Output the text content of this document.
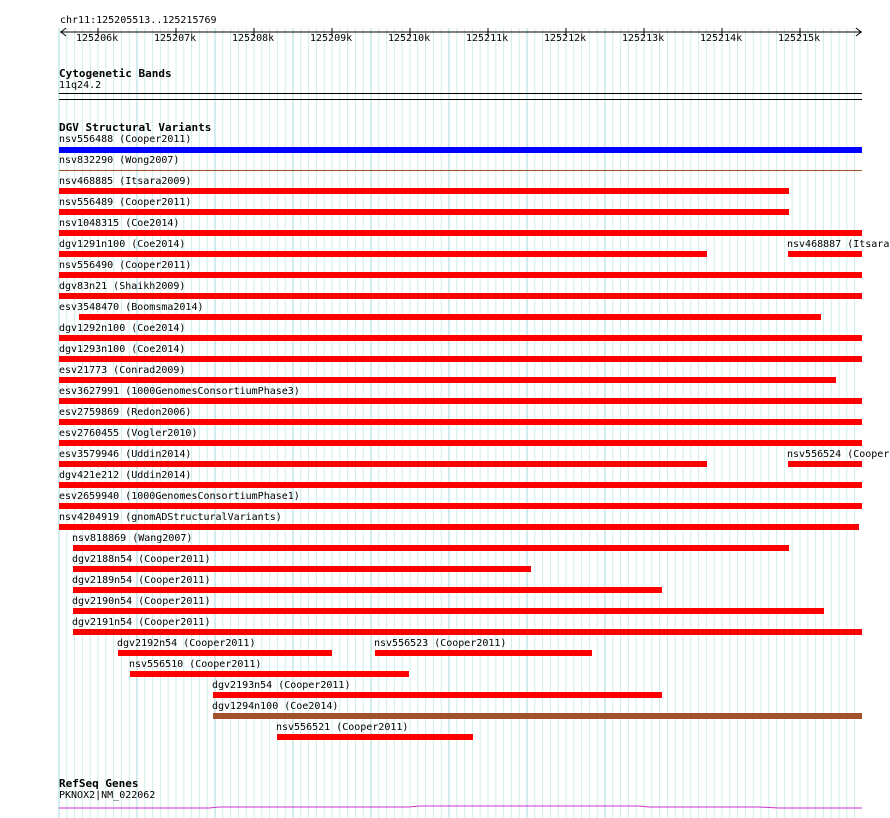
chr11:125205513..125215769
125206k	125207k	125208k	125209k	125210k	125211k	125212k	125213k	125214k	125215k
Cytogenetic Bands
11q24.2
DGV Structural Variants
nsv556488 (Cooper2011)
nsv832290 (Wong2007)
nsv468885 (Itsara2009)
nsv556489 (Cooper2011)
nsv1048315 (Coe2014)
dgv1291n100 (Coe2014)	nsv468887 (Itsara
nsv556490 (Cooper2011)
dgv83n21 (Shaikh2009)
esv3548470 (Boomsma2014)
dgv1292n100 (Coe2014)
dgv1293n100 (Coe2014)
esv21773 (Conrad2009)
esv3627991 (1000GenomesConsortiumPhase3)
esv2759869 (Redon2006)
esv2760455 (Vogler2010)
esv3579946 (Uddin2014)	nsv556524 (Cooper
dgv421e212 (Uddin2014)
esv2659940 (1000GenomesConsortiumPhase1)
nsv4204919 (gnomADStructuralVariants)
nsv818869 (Wang2007)
dgv2188n54 (Cooper2011)
dgv2189n54 (Cooper2011)
dgv2190n54 (Cooper2011)
dgv2191n54 (Cooper2011)
dgv2192n54 (Cooper2011)	nsv556523 (Cooper2011)
nsv556510 (Cooper2011)
dgv2193n54 (Cooper2011)
dgv1294n100 (Coe2014)
nsv556521 (Cooper2011)
RefSeq Genes
PKNOX2|NM_022062
